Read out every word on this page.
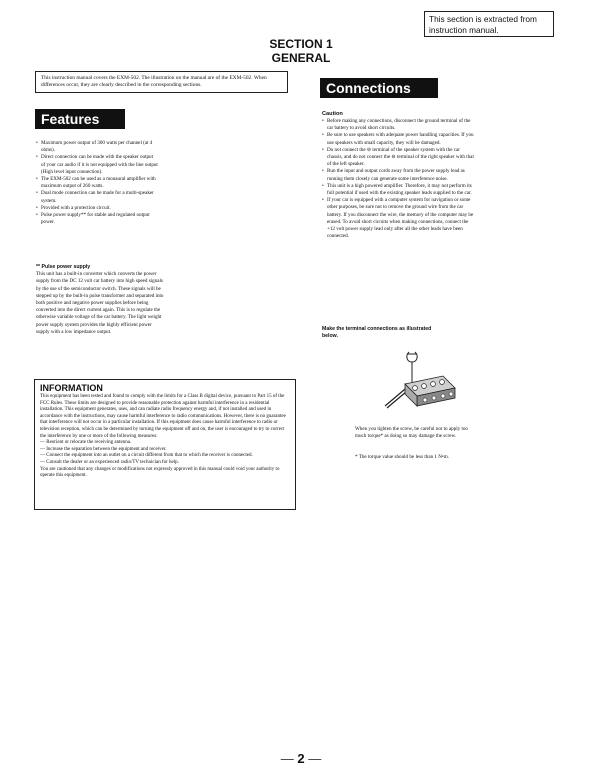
This section is extracted from instruction manual.
SECTION 1
GENERAL
This instruction manual covers the EXM-502. The illustration on the manual are of the EXM-502. When differences occur, they are clearly described in the corresponding sections.
Features
• Maximum power output of 300 watts per channel (at 4 ohms).
• Direct connection can be made with the speaker output of your car audio if it is not equipped with the line output (High level input connection).
• The EXM-502 can be used as a monaural amplifier with maximum output of 260 watts.
• Dual mode connection can be made for a multi-speaker system.
• Provided with a protection circuit.
• Pulse power supply** for stable and regulated output power.
** Pulse power supply
This unit has a built-in converter which converts the power supply from the DC 12 volt car battery into high speed signals by the use of the semiconductor switch. These signals will be stepped up by the built-in pulse transformer and separated into both positive and negative power supplies before being converted into the direct current again. This is to regulate the otherwise variable voltage of the car battery. The light weight power supply system provides the highly efficient power supply with a low impedance output.
Connections
Caution
• Before making any connections, disconnect the ground terminal of the car battery to avoid short circuits.
• Be sure to use speakers with adequate power handling capacities. If you use speakers with small capacity, they will be damaged.
• Do not connect the ⊖ terminal of the speaker system with the car chassis, and do not connect the ⊖ terminal of the right speaker with that of the left speaker.
• Run the input and output cords away from the power supply lead as running them closely can generate some interference noise.
• This unit is a high powered amplifier. Therefore, it may not perform its full potential if used with the existing speaker leads supplied to the car.
• If your car is equipped with a computer system for navigation or some other purposes, be sure not to remove the ground wire from the car battery. If you disconnect the wire, the memory of the computer may be erased. To avoid short circuits when making connections, connect the +12 volt power supply lead only after all the other leads have been connected.
Make the terminal connections as illustrated below.
When you tighten the screw, be careful not to apply too much torque* as doing so may damage the screw.
* The torque value should be less than 1 N•m.
INFORMATION
This equipment has been tested and found to comply with the limits for a Class B digital device, pursuant to Part 15 of the FCC Rules. These limits are designed to provide reasonable protection against harmful interference in a residential installation. This equipment generates, uses, and can radiate radio frequency energy and, if not installed and used in accordance with the instructions, may cause harmful interference to radio communications. However, there is no guarantee that interference will not occur in a particular installation. If this equipment does cause harmful interference to radio or television reception, which can be determined by turning the equipment off and on, the user is encouraged to try to correct the interference by one or more of the following measures:
— Reorient or relocate the receiving antenna.
— Increase the separation between the equipment and receiver.
— Connect the equipment into an outlet on a circuit different from that to which the receiver is connected.
— Consult the dealer or an experienced radio/TV technician for help.
You are cautioned that any changes or modifications not expressly approved in this manual could void your authority to operate this equipment.
— 2 —
